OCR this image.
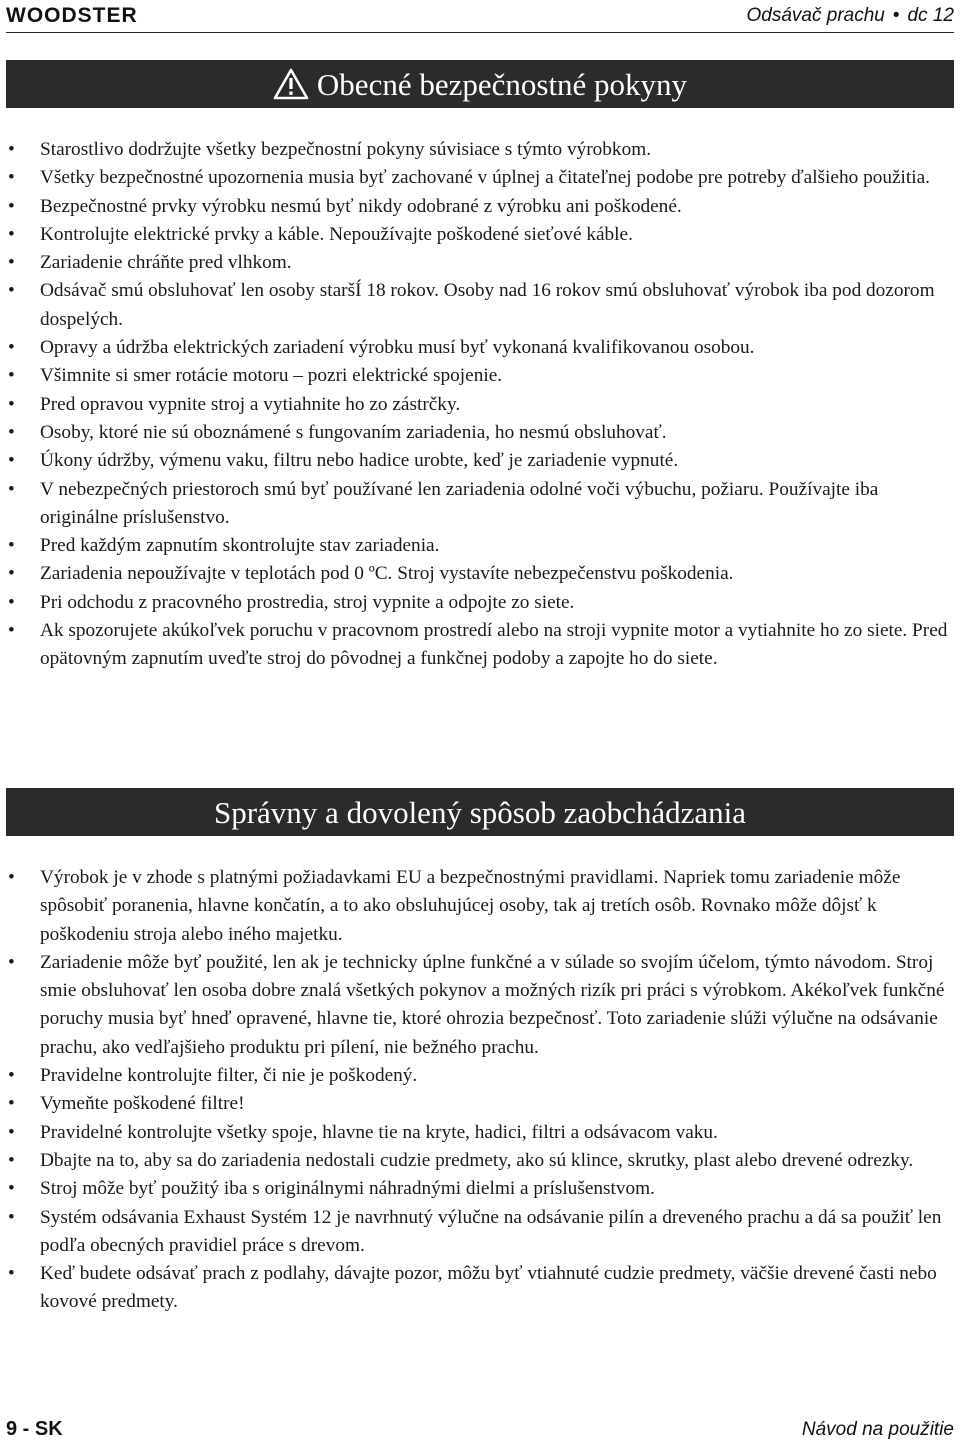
WOODSTER	Odsávač prachu • dc 12
Obecné bezpečnostné pokyny
• Starostlivo dodržujte všetky bezpečnostní pokyny súvisiace s týmto výrobkom.
• Všetky bezpečnostné upozornenia musia byť zachované v úplnej a čitateľnej podobe pre potreby ďalšieho použitia.
• Bezpečnostné prvky výrobku nesmú byť nikdy odobrané z výrobku ani poškodené.
• Kontrolujte elektrické prvky a káble. Nepoužívajte poškodené sieťové káble.
• Zariadenie chráňte pred vlhkom.
• Odsávač smú obsluhovať len osoby staršÍ 18 rokov. Osoby nad 16 rokov smú obsluhovať výrobok iba pod dozorom dospelých.
• Opravy a údržba elektrických zariadení výrobku musí byť vykonaná kvalifikovanou osobou.
• Všimnite si smer rotácie motoru – pozri elektrické spojenie.
• Pred opravou vypnite stroj a vytiahnite ho zo zástrčky.
• Osoby, ktoré nie sú oboznámené s fungovaním zariadenia, ho nesmú obsluhovať.
• Úkony údržby, výmenu vaku, filtru nebo hadice urobte, keď je zariadenie vypnuté.
• V nebezpečných priestoroch smú byť používané len zariadenia odolné voči výbuchu, požiaru. Používajte iba originálne príslušenstvo.
• Pred každým zapnutím skontrolujte stav zariadenia.
• Zariadenia nepoužívajte v teplotách pod 0 ºC. Stroj vystavíte nebezpečenstvu poškodenia.
• Pri odchodu z pracovného prostredia, stroj vypnite a odpojte zo siete.
• Ak spozorujete akúkoľvek poruchu v pracovnom prostredí alebo na stroji vypnite motor a vytiahnite ho zo siete. Pred opätovným zapnutím uveďte stroj do pôvodnej a funkčnej podoby a zapojte ho do siete.
Správny a dovolený spôsob zaobchádzania
• Výrobok je v zhode s platnými požiadavkami EU a bezpečnostnými pravidlami. Napriek tomu zariadenie môže spôsobiť poranenia, hlavne končatín, a to ako obsluhujúcej osoby, tak aj tretích osôb. Rovnako môže dôjsť k poškodeniu stroja alebo iného majetku.
• Zariadenie môže byť použité, len ak je technicky úplne funkčné a v súlade so svojím účelom, týmto návodom. Stroj smie obsluhovať len osoba dobre znalá všetkých pokynov a možných rizík pri práci s výrobkom. Akékoľvek funkčné poruchy musia byť hneď opravené, hlavne tie, ktoré ohrozia bezpečnosť. Toto zariadenie slúži výlučne na odsávanie prachu, ako vedľajšieho produktu pri pílení, nie bežného prachu.
• Pravidelne kontrolujte filter, či nie je poškodený.
• Vymeňte poškodené filtre!
• Pravidelné kontrolujte všetky spoje, hlavne tie na kryte, hadici, filtri a odsávacom vaku.
• Dbajte na to, aby sa do zariadenia nedostali cudzie predmety, ako sú klince, skrutky, plast alebo drevené odrezky.
• Stroj môže byť použitý iba s originálnymi náhradnými dielmi a príslušenstvom.
• Systém odsávania Exhaust Systém 12 je navrhnutý výlučne na odsávanie pilín a dreveného prachu a dá sa použiť len podľa obecných pravidiel práce s drevom.
• Keď budete odsávať prach z podlahy, dávajte pozor, môžu byť vtiahnuté cudzie predmety, väčšie drevené časti nebo kovové predmety.
9 - SK	Návod na použitie
